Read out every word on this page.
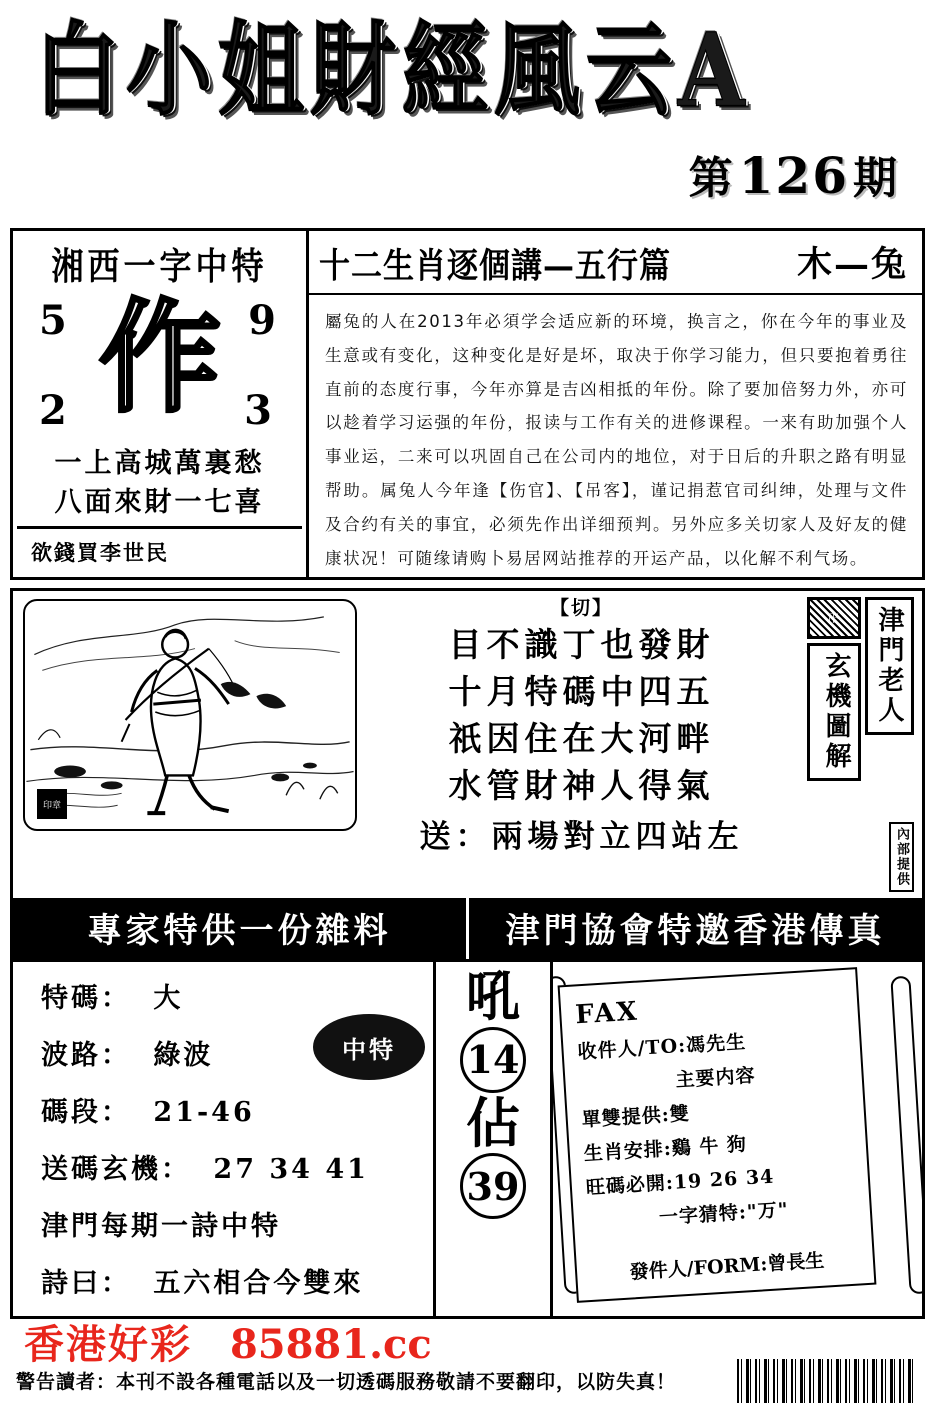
白小姐財經風云A
第126期
湘西一字中特
5	9
2	3
作
一上高城萬裏愁
八面來財一七喜
欲錢買李世民
十二生肖逐個講—五行篇	木—兔
屬兔的人在2013年必須学会适应新的环境，换言之，你在今年的事业及生意或有变化，这种变化是好是坏，取决于你学习能力，但只要抱着勇往直前的态度行事，今年亦算是吉凶相抵的年份。除了要加倍努力外，亦可以趁着学习运强的年份，报读与工作有关的进修课程。一来有助加强个人事业运，二来可以巩固自己在公司内的地位，对于日后的升职之路有明显帮助。属兔人今年逢【伤官】、【吊客】，谨记捐惹官司纠绅，处理与文件及合约有关的事宜，必须先作出详细预判。另外应多关切家人及好友的健康状况！可随缘请购卜易居网站推荐的开运产品，以化解不利气场。
印章
【切】
目不識丁也發財
十月特碼中四五
祇因住在大河畔
水管財神人得氣
送：兩場對立四站左
卍
玄機圖解 津門老人
內部提供
專家特供一份雜料	津門協會特邀香港傳真
特碼： 大
波路： 綠波
碼段： 21-46
送碼玄機： 27 34 41
津門每期一詩中特
詩曰： 五六相合今雙來
中特
吼
14
佔
39
FAX
收件人/TO:馮先生
主要内容
單雙提供:雙
生肖安排:鷄 牛 狗
旺碼必開:19 26 34
一字猜特:"万"
發件人/FORM:曾長生
香港好彩 85881.cc
警告讀者：本刊不設各種電話以及一切透碼服務敬請不要翻印，以防失真！
